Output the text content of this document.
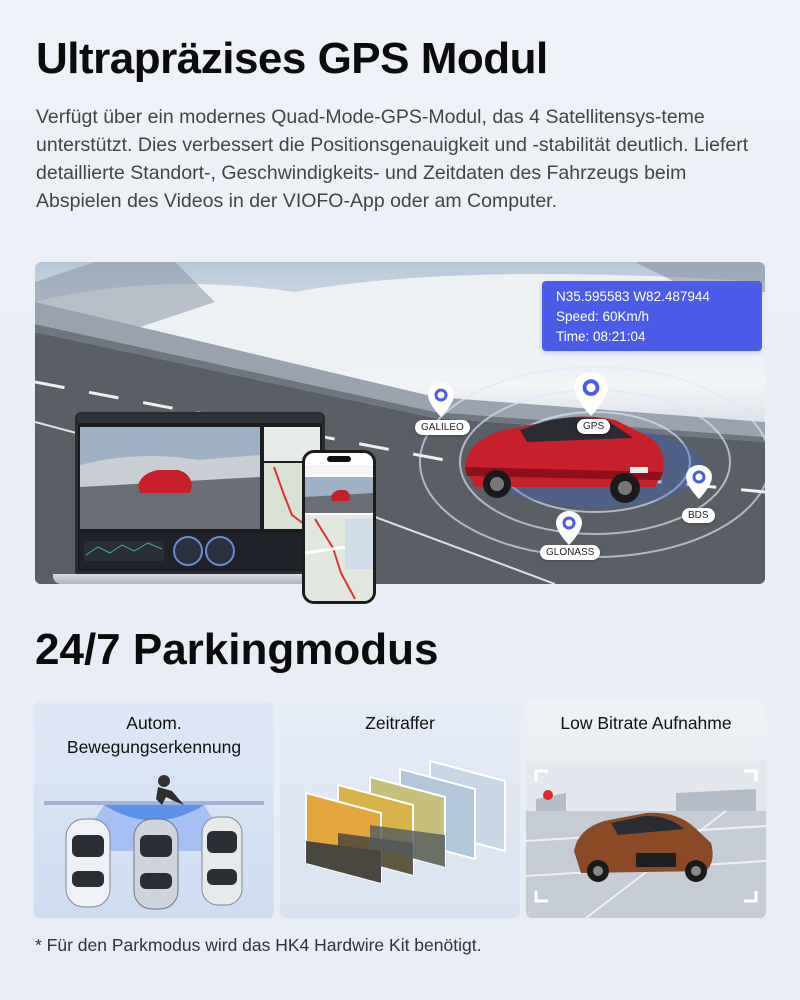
Ultrapräzises GPS Modul

Verfügt über ein modernes Quad-Mode-GPS-Modul, das 4 Satellitensys-teme unterstützt. Dies verbessert die Positionsgenauigkeit und -stabilität deutlich. Liefert detaillierte Standort-, Geschwindigkeits- und Zeitdaten des Fahrzeugs beim Abspielen des Videos in der VIOFO-App oder am Computer.

GALILEO	GPS
BDS
GLONASS
N35.595583 W82.487944
Speed: 60Km/h
Time: 08:21:04
24/7 Parkingmodus
Autom.
Bewegungserkennung
Zeitraffer	Low Bitrate Aufnahme

* Für den Parkmodus wird das HK4 Hardwire Kit benötigt.
